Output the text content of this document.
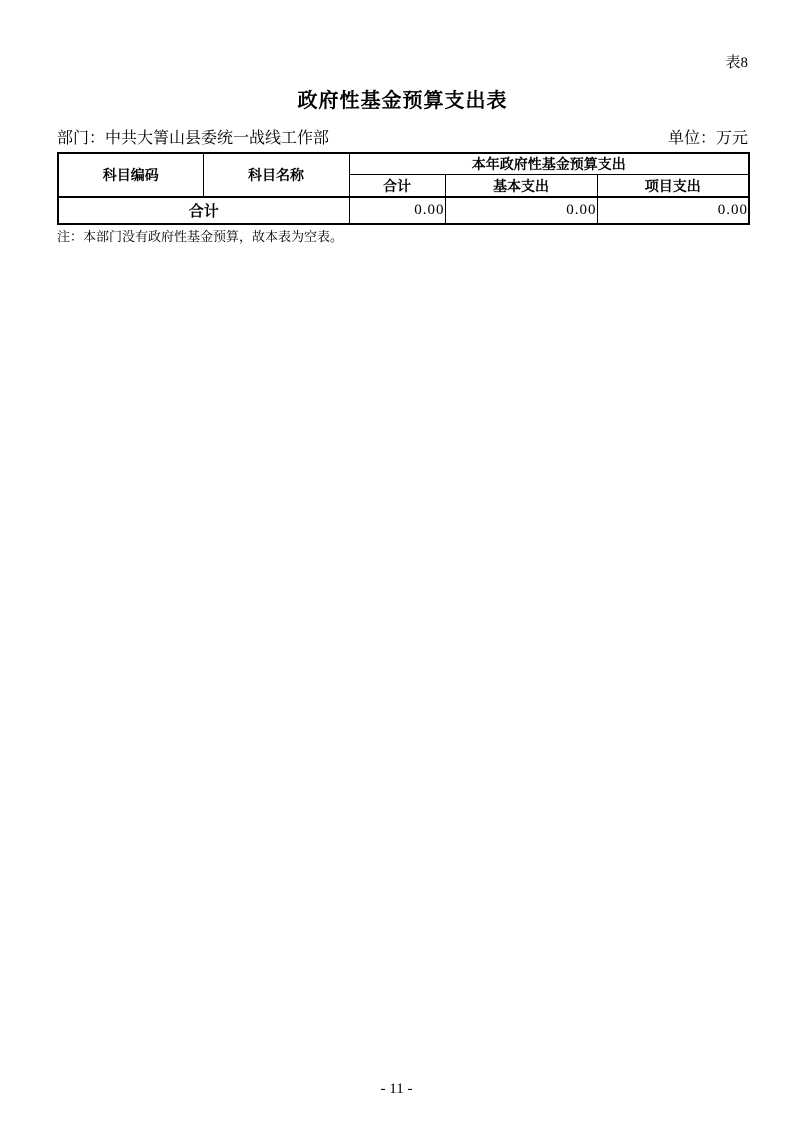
表8
政府性基金预算支出表
部门：中共大箐山县委统一战线工作部	单位：万元
科目编码	科目名称	本年政府性基金预算支出		
		合计	基本支出	项目支出
合计		0.00	0.00	0.00
注：本部门没有政府性基金预算，故本表为空表。
- 11 -
